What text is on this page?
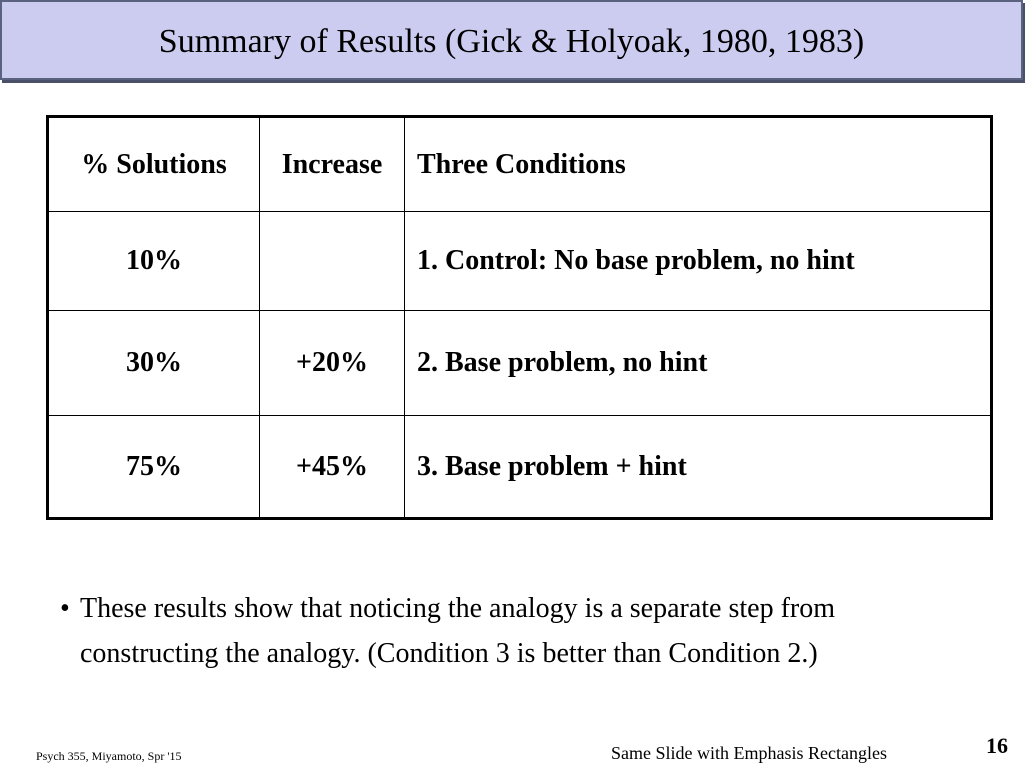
Summary of Results (Gick & Holyoak, 1980, 1983)
% Solutions	Increase	Three Conditions
10%		1. Control: No base problem, no hint
30%	+20%	2. Base problem, no hint
75%	+45%	3. Base problem + hint
• These results show that noticing the analogy is a separate step from constructing the analogy. (Condition 3 is better than Condition 2.)
Psych 355, Miyamoto, Spr '15	Same Slide with Emphasis Rectangles	16
